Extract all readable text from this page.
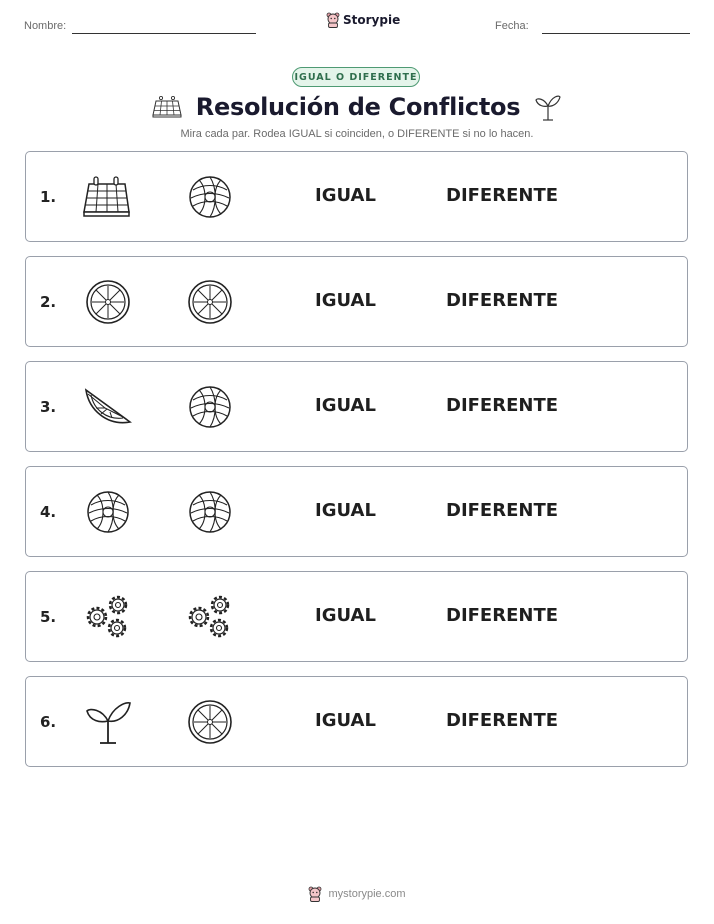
Nombre:	Storypie	Fecha:
IGUAL O DIFERENTE
Resolución de Conflictos
Mira cada par. Rodea IGUAL si coinciden, o DIFERENTE si no lo hacen.
1.	IGUAL	DIFERENTE
2.	IGUAL	DIFERENTE
3.	IGUAL	DIFERENTE
4.	IGUAL	DIFERENTE
5.	IGUAL	DIFERENTE
6.	IGUAL	DIFERENTE
mystorypie.com
